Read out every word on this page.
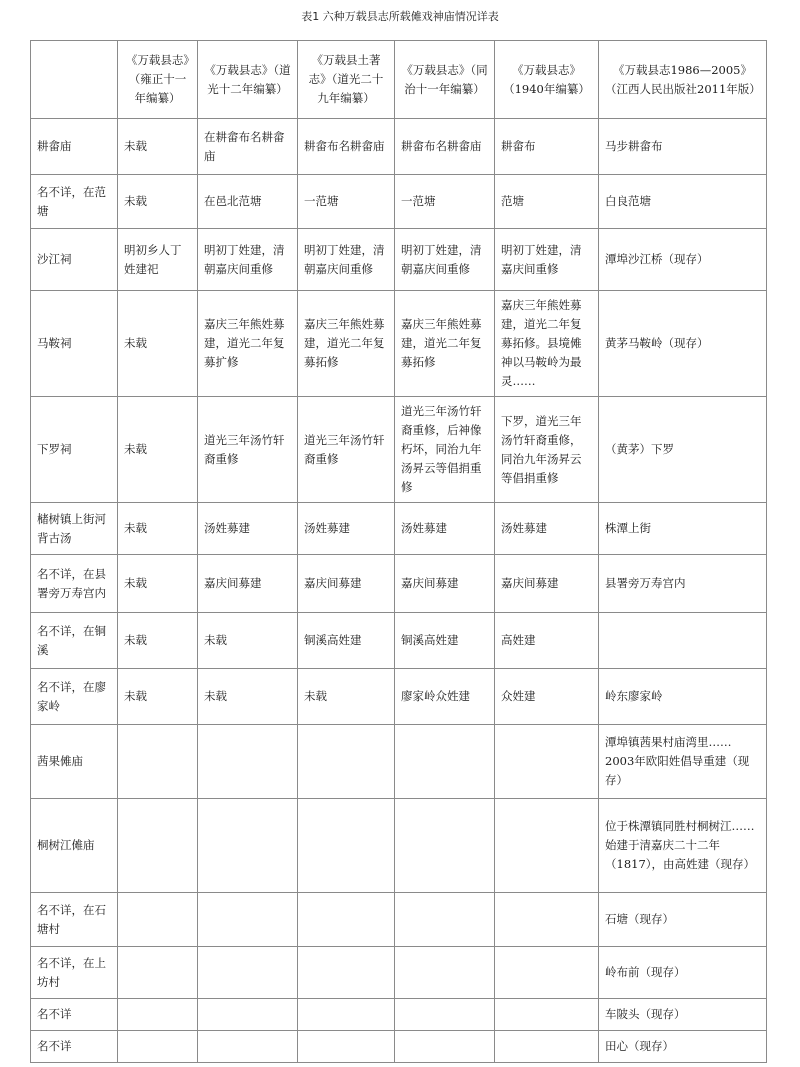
表1 六种万载县志所载傩戏神庙情况详表
	《万载县志》（雍正十一年编纂）	《万载县志》（道光十二年编纂）	《万载县土著志》（道光二十九年编纂）	《万载县志》（同治十一年编纂）	《万载县志》（1940年编纂）	《万载县志1986—2005》（江西人民出版社2011年版）
耕畲庙	未载	在耕畲布名耕畲庙	耕畲布名耕畲庙	耕畲布名耕畲庙	耕畲布	马步耕畲布
名不详，在范塘	未载	在邑北范塘	一范塘	一范塘	范塘	白良范塘
沙江祠	明初乡人丁姓建祀	明初丁姓建，清朝嘉庆间重修	明初丁姓建，清朝嘉庆间重修	明初丁姓建，清朝嘉庆间重修	明初丁姓建，清嘉庆间重修	潭埠沙江桥（现存）
马鞍祠	未载	嘉庆三年熊姓募建，道光二年复募扩修	嘉庆三年熊姓募建，道光二年复募拓修	嘉庆三年熊姓募建，道光二年复募拓修	嘉庆三年熊姓募建，道光二年复募拓修。县境傩神以马鞍岭为最灵……	黄茅马鞍岭（现存）
下罗祠	未载	道光三年汤竹轩裔重修	道光三年汤竹轩裔重修	道光三年汤竹轩裔重修，后神像朽坏，同治九年汤昇云等倡捐重修	下罗，道光三年汤竹轩裔重修，同治九年汤昇云等倡捐重修	（黄茅）下罗
槠树镇上街河背古汤	未载	汤姓募建	汤姓募建	汤姓募建	汤姓募建	株潭上街
名不详，在县署旁万寿宫内	未载	嘉庆间募建	嘉庆间募建	嘉庆间募建	嘉庆间募建	县署旁万寿宫内
名不详，在铜溪	未载	未载	铜溪高姓建	铜溪高姓建	高姓建	
名不详，在廖家岭	未载	未载	未载	廖家岭众姓建	众姓建	岭东廖家岭
茜果傩庙						潭埠镇茜果村庙湾里……2003年欧阳姓倡导重建（现存）
桐树江傩庙						位于株潭镇同胜村桐树江……始建于清嘉庆二十二年（1817），由高姓建（现存）
名不详，在石塘村						石塘（现存）
名不详，在上坊村						岭布前（现存）
名不详						车陂头（现存）
名不详						田心（现存）
